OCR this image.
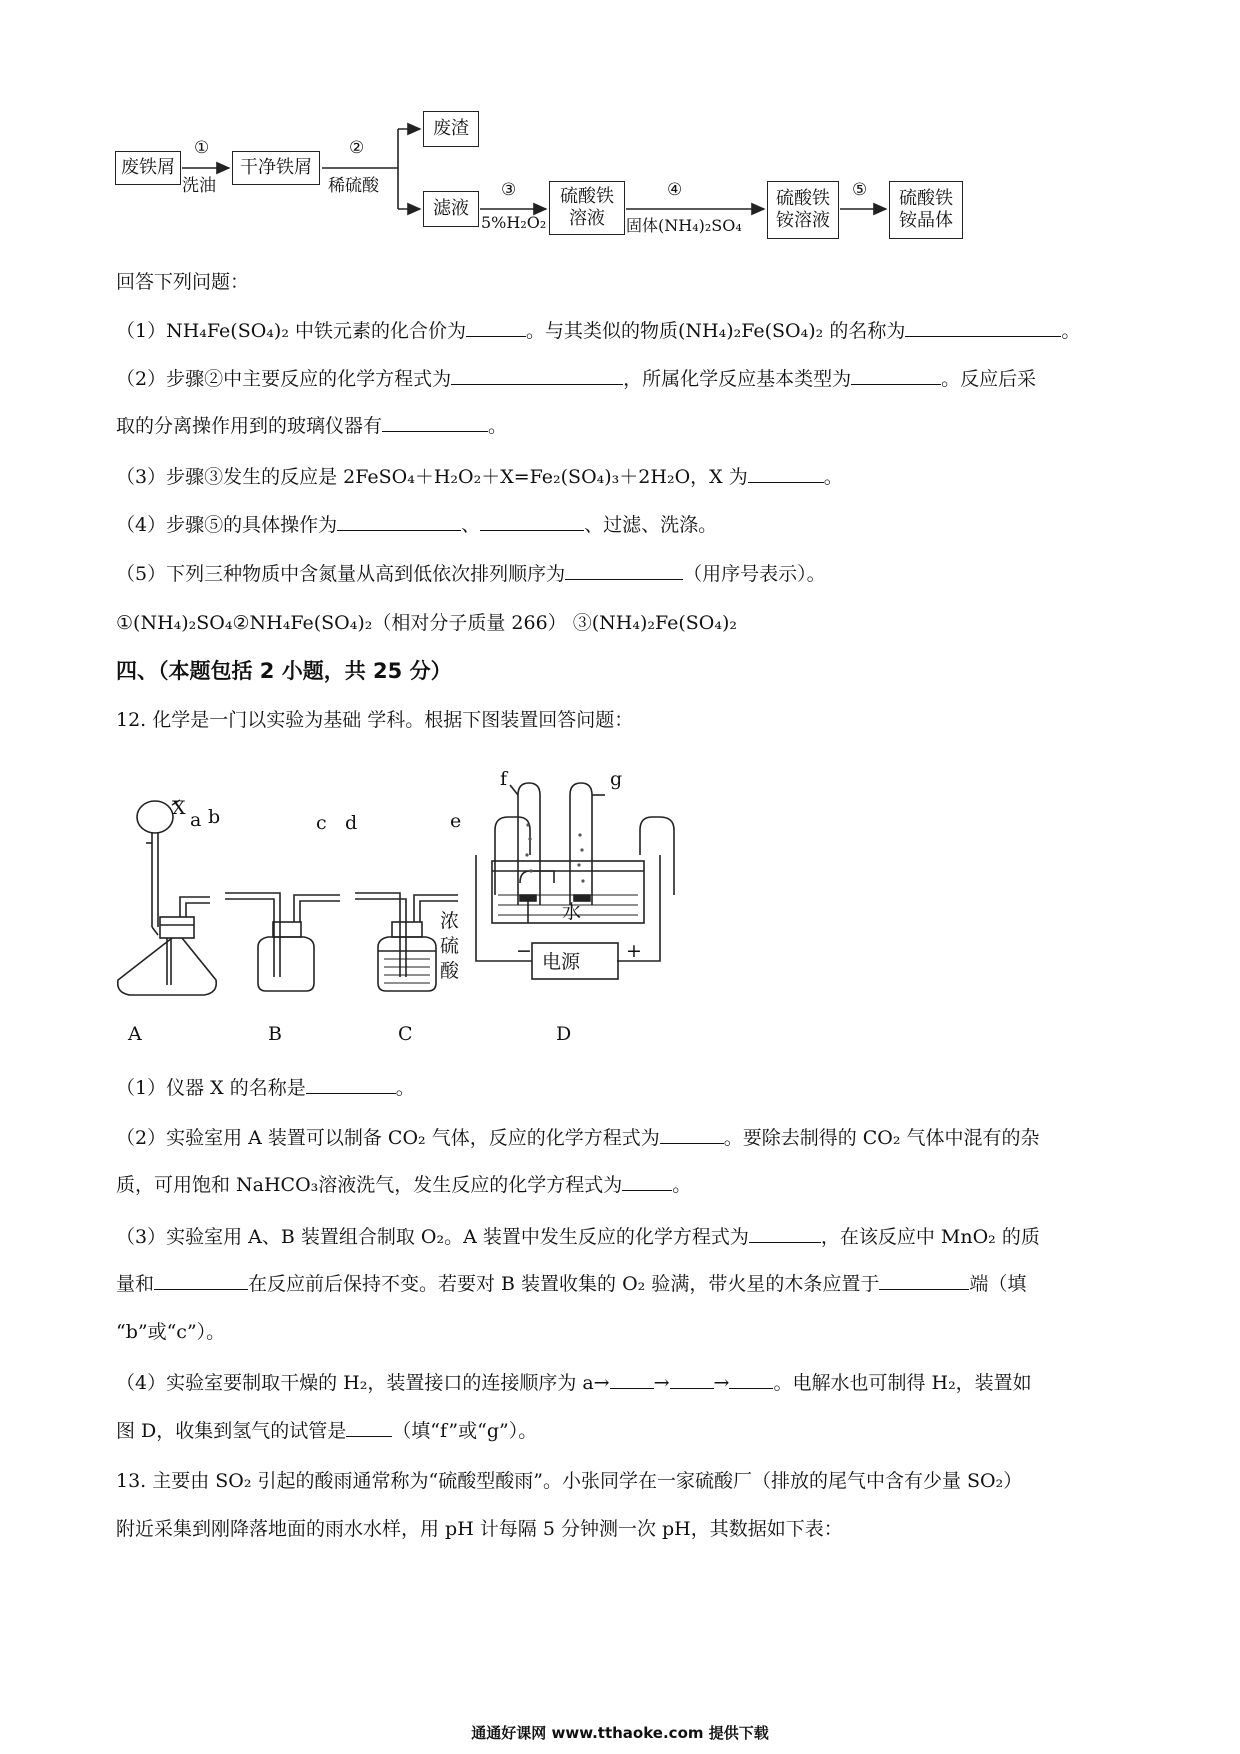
废铁屑	干净铁屑
废渣
滤液
硫酸铁
溶液
硫酸铁
铵溶液
硫酸铁
铵晶体
①
洗油
②
稀硫酸	③
5%H₂O₂
④
固体(NH₄)₂SO₄
⑤
回答下列问题：
（1）NH₄Fe(SO₄)₂ 中铁元素的化合价为	。与其类似的物质(NH₄)₂Fe(SO₄)₂ 的名称为	。
（2）步骤②中主要反应的化学方程式为	，所属化学反应基本类型为	。反应后采
取的分离操作用到的玻璃仪器有	。
（3）步骤③发生的反应是 2FeSO₄＋H₂O₂＋X=Fe₂(SO₄)₃＋2H₂O，X 为	。
（4）步骤⑤的具体操作为	、	、过滤、洗涤。
（5）下列三种物质中含氮量从高到低依次排列顺序为	（用序号表示）。
①(NH₄)₂SO₄②NH₄Fe(SO₄)₂（相对分子质量 266） ③(NH₄)₂Fe(SO₄)₂
四、（本题包括 2 小题，共 25 分）
12. 化学是一门以实验为基础 学科。根据下图装置回答问题：
X
a b	c d	e
f	g
浓
硫
酸
水
电源
−	+
A	B	C	D
（1）仪器 X 的名称是	。
（2）实验室用 A 装置可以制备 CO₂ 气体，反应的化学方程式为	。要除去制得的 CO₂ 气体中混有的杂
质，可用饱和 NaHCO₃溶液洗气，发生反应的化学方程式为	。
（3）实验室用 A、B 装置组合制取 O₂。A 装置中发生反应的化学方程式为	，在该反应中 MnO₂ 的质
量和	在反应前后保持不变。若要对 B 装置收集的 O₂ 验满，带火星的木条应置于	端（填
“b”或“c”）。
（4）实验室要制取干燥的 H₂，装置接口的连接顺序为 a→ → → 。电解水也可制得 H₂，装置如
图 D，收集到氢气的试管是 （填“f”或“g”）。
13. 主要由 SO₂ 引起的酸雨通常称为“硫酸型酸雨”。小张同学在一家硫酸厂（排放的尾气中含有少量 SO₂）
附近采集到刚降落地面的雨水水样，用 pH 计每隔 5 分钟测一次 pH，其数据如下表：
通通好课网 www.tthaoke.com 提供下载
